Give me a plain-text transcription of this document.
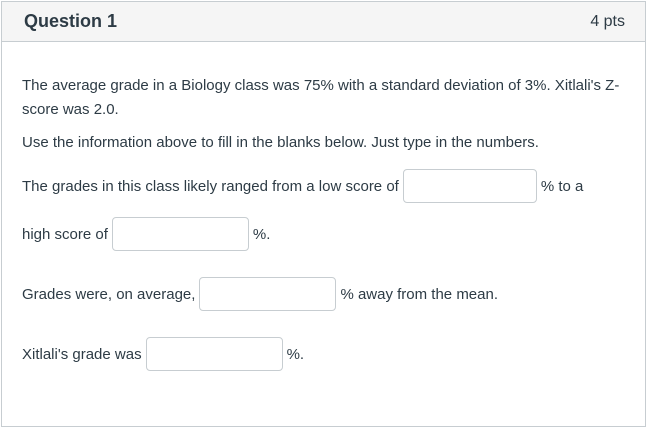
Question 1	4 pts

The average grade in a Biology class was 75% with a standard deviation of 3%. Xitlali's Z-score was 2.0.

Use the information above to fill in the blanks below. Just type in the numbers.

The grades in this class likely ranged from a low score of	% to a
high score of	%.
Grades were, on average,	% away from the mean.
Xitlali's grade was	%.
